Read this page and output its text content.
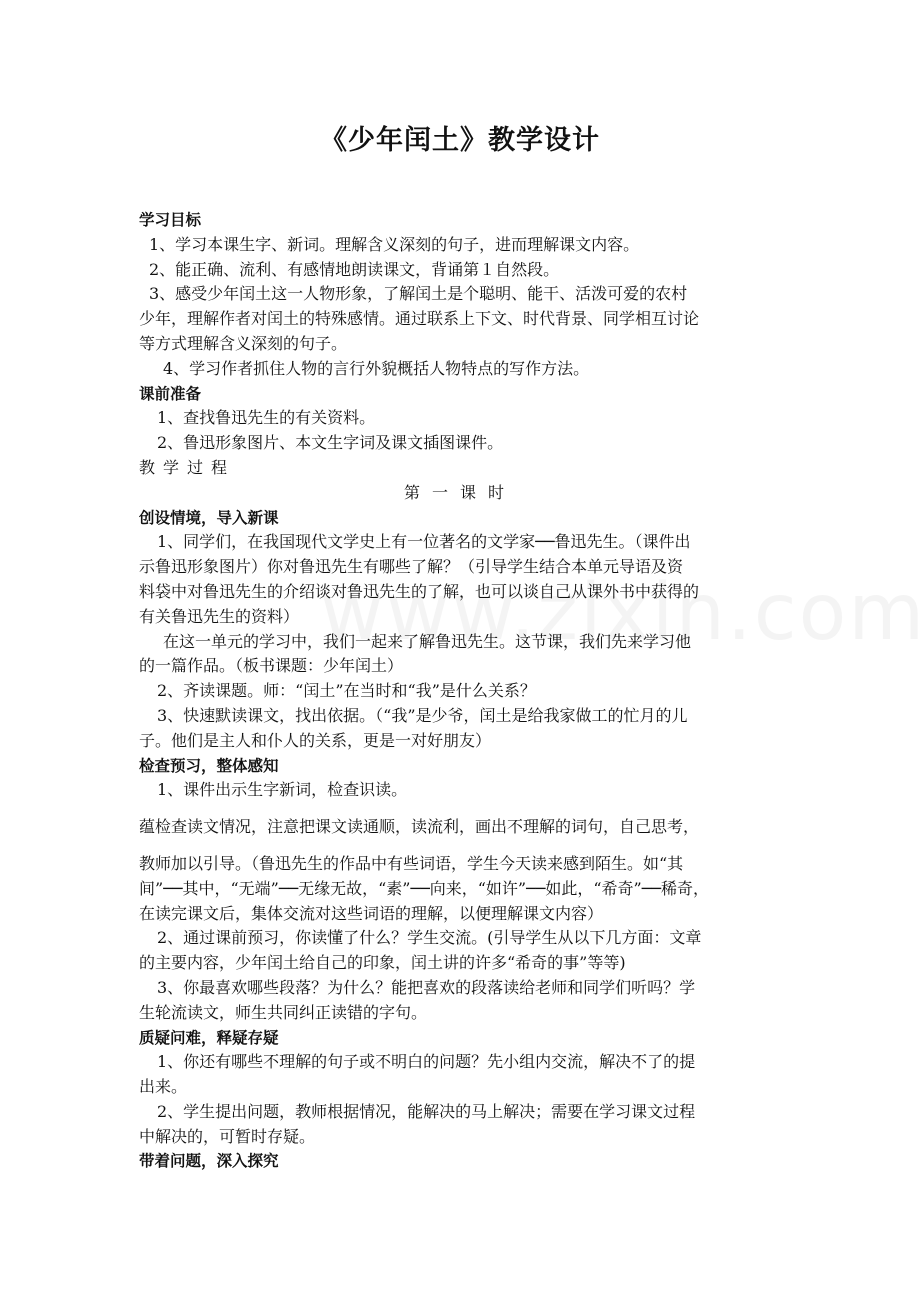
《少年闰土》教学设计
学习目标
1、学习本课生字、新词。理解含义深刻的句子，进而理解课文内容。
2、能正确、流利、有感情地朗读课文，背诵第１自然段。
3、感受少年闰土这一人物形象，了解闰土是个聪明、能干、活泼可爱的农村
少年，理解作者对闰土的特殊感情。通过联系上下文、时代背景、同学相互讨论
等方式理解含义深刻的句子。
4、学习作者抓住人物的言行外貌概括人物特点的写作方法。
课前准备
1、查找鲁迅先生的有关资料。
2、鲁迅形象图片、本文生字词及课文插图课件。
教学过程
第一课时
创设情境，导入新课
1、同学们，在我国现代文学史上有一位著名的文学家──鲁迅先生。（课件出
示鲁迅形象图片）你对鲁迅先生有哪些了解？（引导学生结合本单元导语及资
料袋中对鲁迅先生的介绍谈对鲁迅先生的了解，也可以谈自己从课外书中获得的
有关鲁迅先生的资料）
在这一单元的学习中，我们一起来了解鲁迅先生。这节课，我们先来学习他
的一篇作品。（板书课题：少年闰土）
2、齐读课题。师：“闰土”在当时和“我”是什么关系？
3、快速默读课文，找出依据。（“我”是少爷，闰土是给我家做工的忙月的儿
子。他们是主人和仆人的关系，更是一对好朋友）
检查预习，整体感知
1、课件出示生字新词，检查识读。
蕴检查读文情况，注意把课文读通顺，读流利，画出不理解的词句，自己思考，
教师加以引导。（鲁迅先生的作品中有些词语，学生今天读来感到陌生。如“其
间”──其中，“无端”──无缘无故，“素”──向来，“如许”──如此，“希奇”──稀奇，
在读完课文后，集体交流对这些词语的理解，以便理解课文内容）
2、通过课前预习，你读懂了什么？学生交流。(引导学生从以下几方面：文章
的主要内容，少年闰土给自己的印象，闰土讲的许多“希奇的事”等等)
3、你最喜欢哪些段落？为什么？能把喜欢的段落读给老师和同学们听吗？学
生轮流读文，师生共同纠正读错的字句。
质疑问难，释疑存疑
1、你还有哪些不理解的句子或不明白的问题？先小组内交流，解决不了的提
出来。
2、学生提出问题，教师根据情况，能解决的马上解决；需要在学习课文过程
中解决的，可暂时存疑。
带着问题，深入探究
